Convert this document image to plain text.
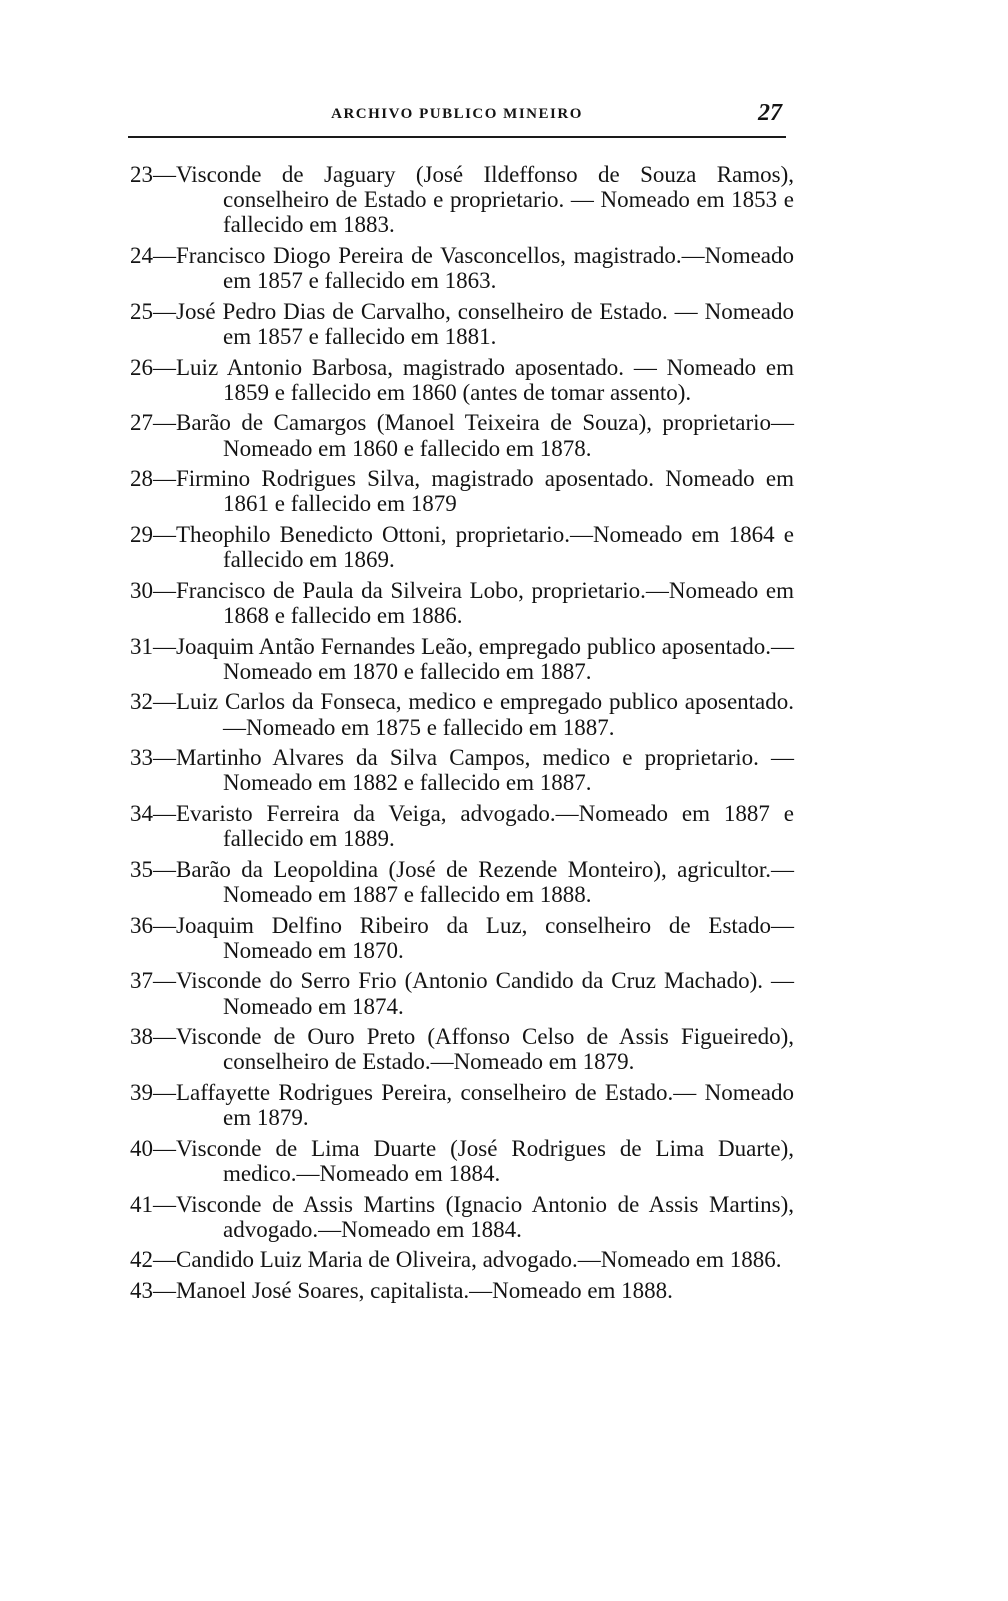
ARCHIVO PUBLICO MINEIRO	27
23—Visconde de Jaguary (José Ildeffonso de Souza Ramos), conselheiro de Estado e proprietario. — Nomeado em 1853 e fallecido em 1883.
24—Francisco Diogo Pereira de Vasconcellos, magistrado.—Nomeado em 1857 e fallecido em 1863.
25—José Pedro Dias de Carvalho, conselheiro de Estado. — Nomeado em 1857 e fallecido em 1881.
26—Luiz Antonio Barbosa, magistrado aposentado. — Nomeado em 1859 e fallecido em 1860 (antes de tomar assento).
27—Barão de Camargos (Manoel Teixeira de Souza), proprietario—Nomeado em 1860 e fallecido em 1878.
28—Firmino Rodrigues Silva, magistrado aposentado. Nomeado em 1861 e fallecido em 1879
29—Theophilo Benedicto Ottoni, proprietario.—Nomeado em 1864 e fallecido em 1869.
30—Francisco de Paula da Silveira Lobo, proprietario.—Nomeado em 1868 e fallecido em 1886.
31—Joaquim Antão Fernandes Leão, empregado publico aposentado.—Nomeado em 1870 e fallecido em 1887.
32—Luiz Carlos da Fonseca, medico e empregado publico aposentado.—Nomeado em 1875 e fallecido em 1887.
33—Martinho Alvares da Silva Campos, medico e proprietario. —Nomeado em 1882 e fallecido em 1887.
34—Evaristo Ferreira da Veiga, advogado.—Nomeado em 1887 e fallecido em 1889.
35—Barão da Leopoldina (José de Rezende Monteiro), agricultor.—Nomeado em 1887 e fallecido em 1888.
36—Joaquim Delfino Ribeiro da Luz, conselheiro de Estado—Nomeado em 1870.
37—Visconde do Serro Frio (Antonio Candido da Cruz Machado). —Nomeado em 1874.
38—Visconde de Ouro Preto (Affonso Celso de Assis Figueiredo), conselheiro de Estado.—Nomeado em 1879.
39—Laffayette Rodrigues Pereira, conselheiro de Estado.— Nomeado em 1879.
40—Visconde de Lima Duarte (José Rodrigues de Lima Duarte), medico.—Nomeado em 1884.
41—Visconde de Assis Martins (Ignacio Antonio de Assis Martins), advogado.—Nomeado em 1884.
42—Candido Luiz Maria de Oliveira, advogado.—Nomeado em 1886.
43—Manoel José Soares, capitalista.—Nomeado em 1888.
